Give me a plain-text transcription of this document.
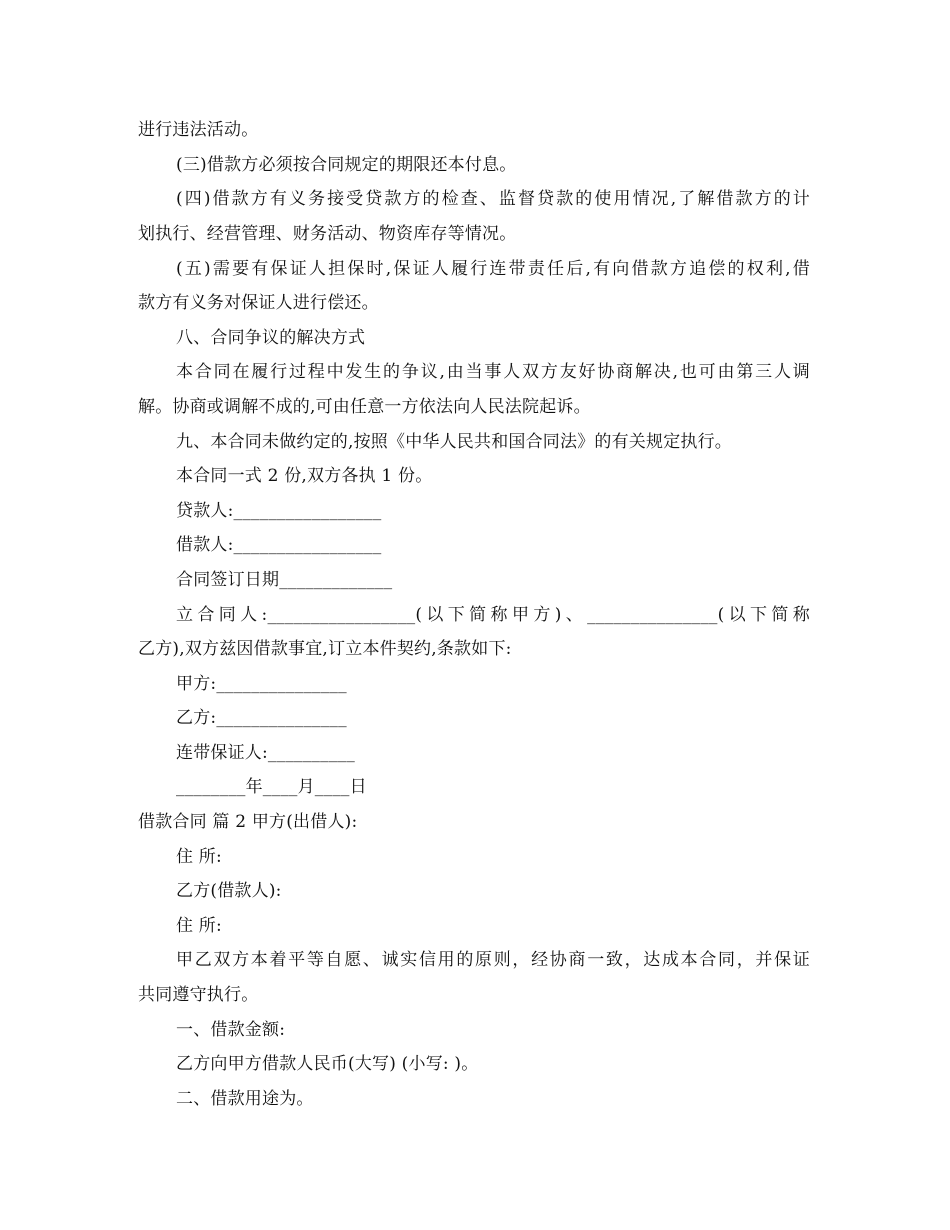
进行违法活动。
(三)借款方必须按合同规定的期限还本付息。
(四)借款方有义务接受贷款方的检查、监督贷款的使用情况,了解借款方的计
划执行、经营管理、财务活动、物资库存等情况。
(五)需要有保证人担保时,保证人履行连带责任后,有向借款方追偿的权利,借
款方有义务对保证人进行偿还。
八、合同争议的解决方式
本合同在履行过程中发生的争议,由当事人双方友好协商解决,也可由第三人调
解。协商或调解不成的,可由任意一方依法向人民法院起诉。
九、本合同未做约定的,按照《中华人民共和国合同法》的有关规定执行。
本合同一式 2 份,双方各执 1 份。
贷款人:_________________
借款人:_________________
合同签订日期_____________
立合同人:_________________(以下简称甲方)、_______________(以下简称
乙方),双方兹因借款事宜,订立本件契约,条款如下:
甲方:_______________
乙方:_______________
连带保证人:__________
________年____月____日
借款合同 篇 2 甲方(出借人):
住 所:
乙方(借款人):
住 所:
甲乙双方本着平等自愿、诚实信用的原则，经协商一致，达成本合同，并保证
共同遵守执行。
一、借款金额:
乙方向甲方借款人民币(大写) (小写: )。
二、借款用途为。
